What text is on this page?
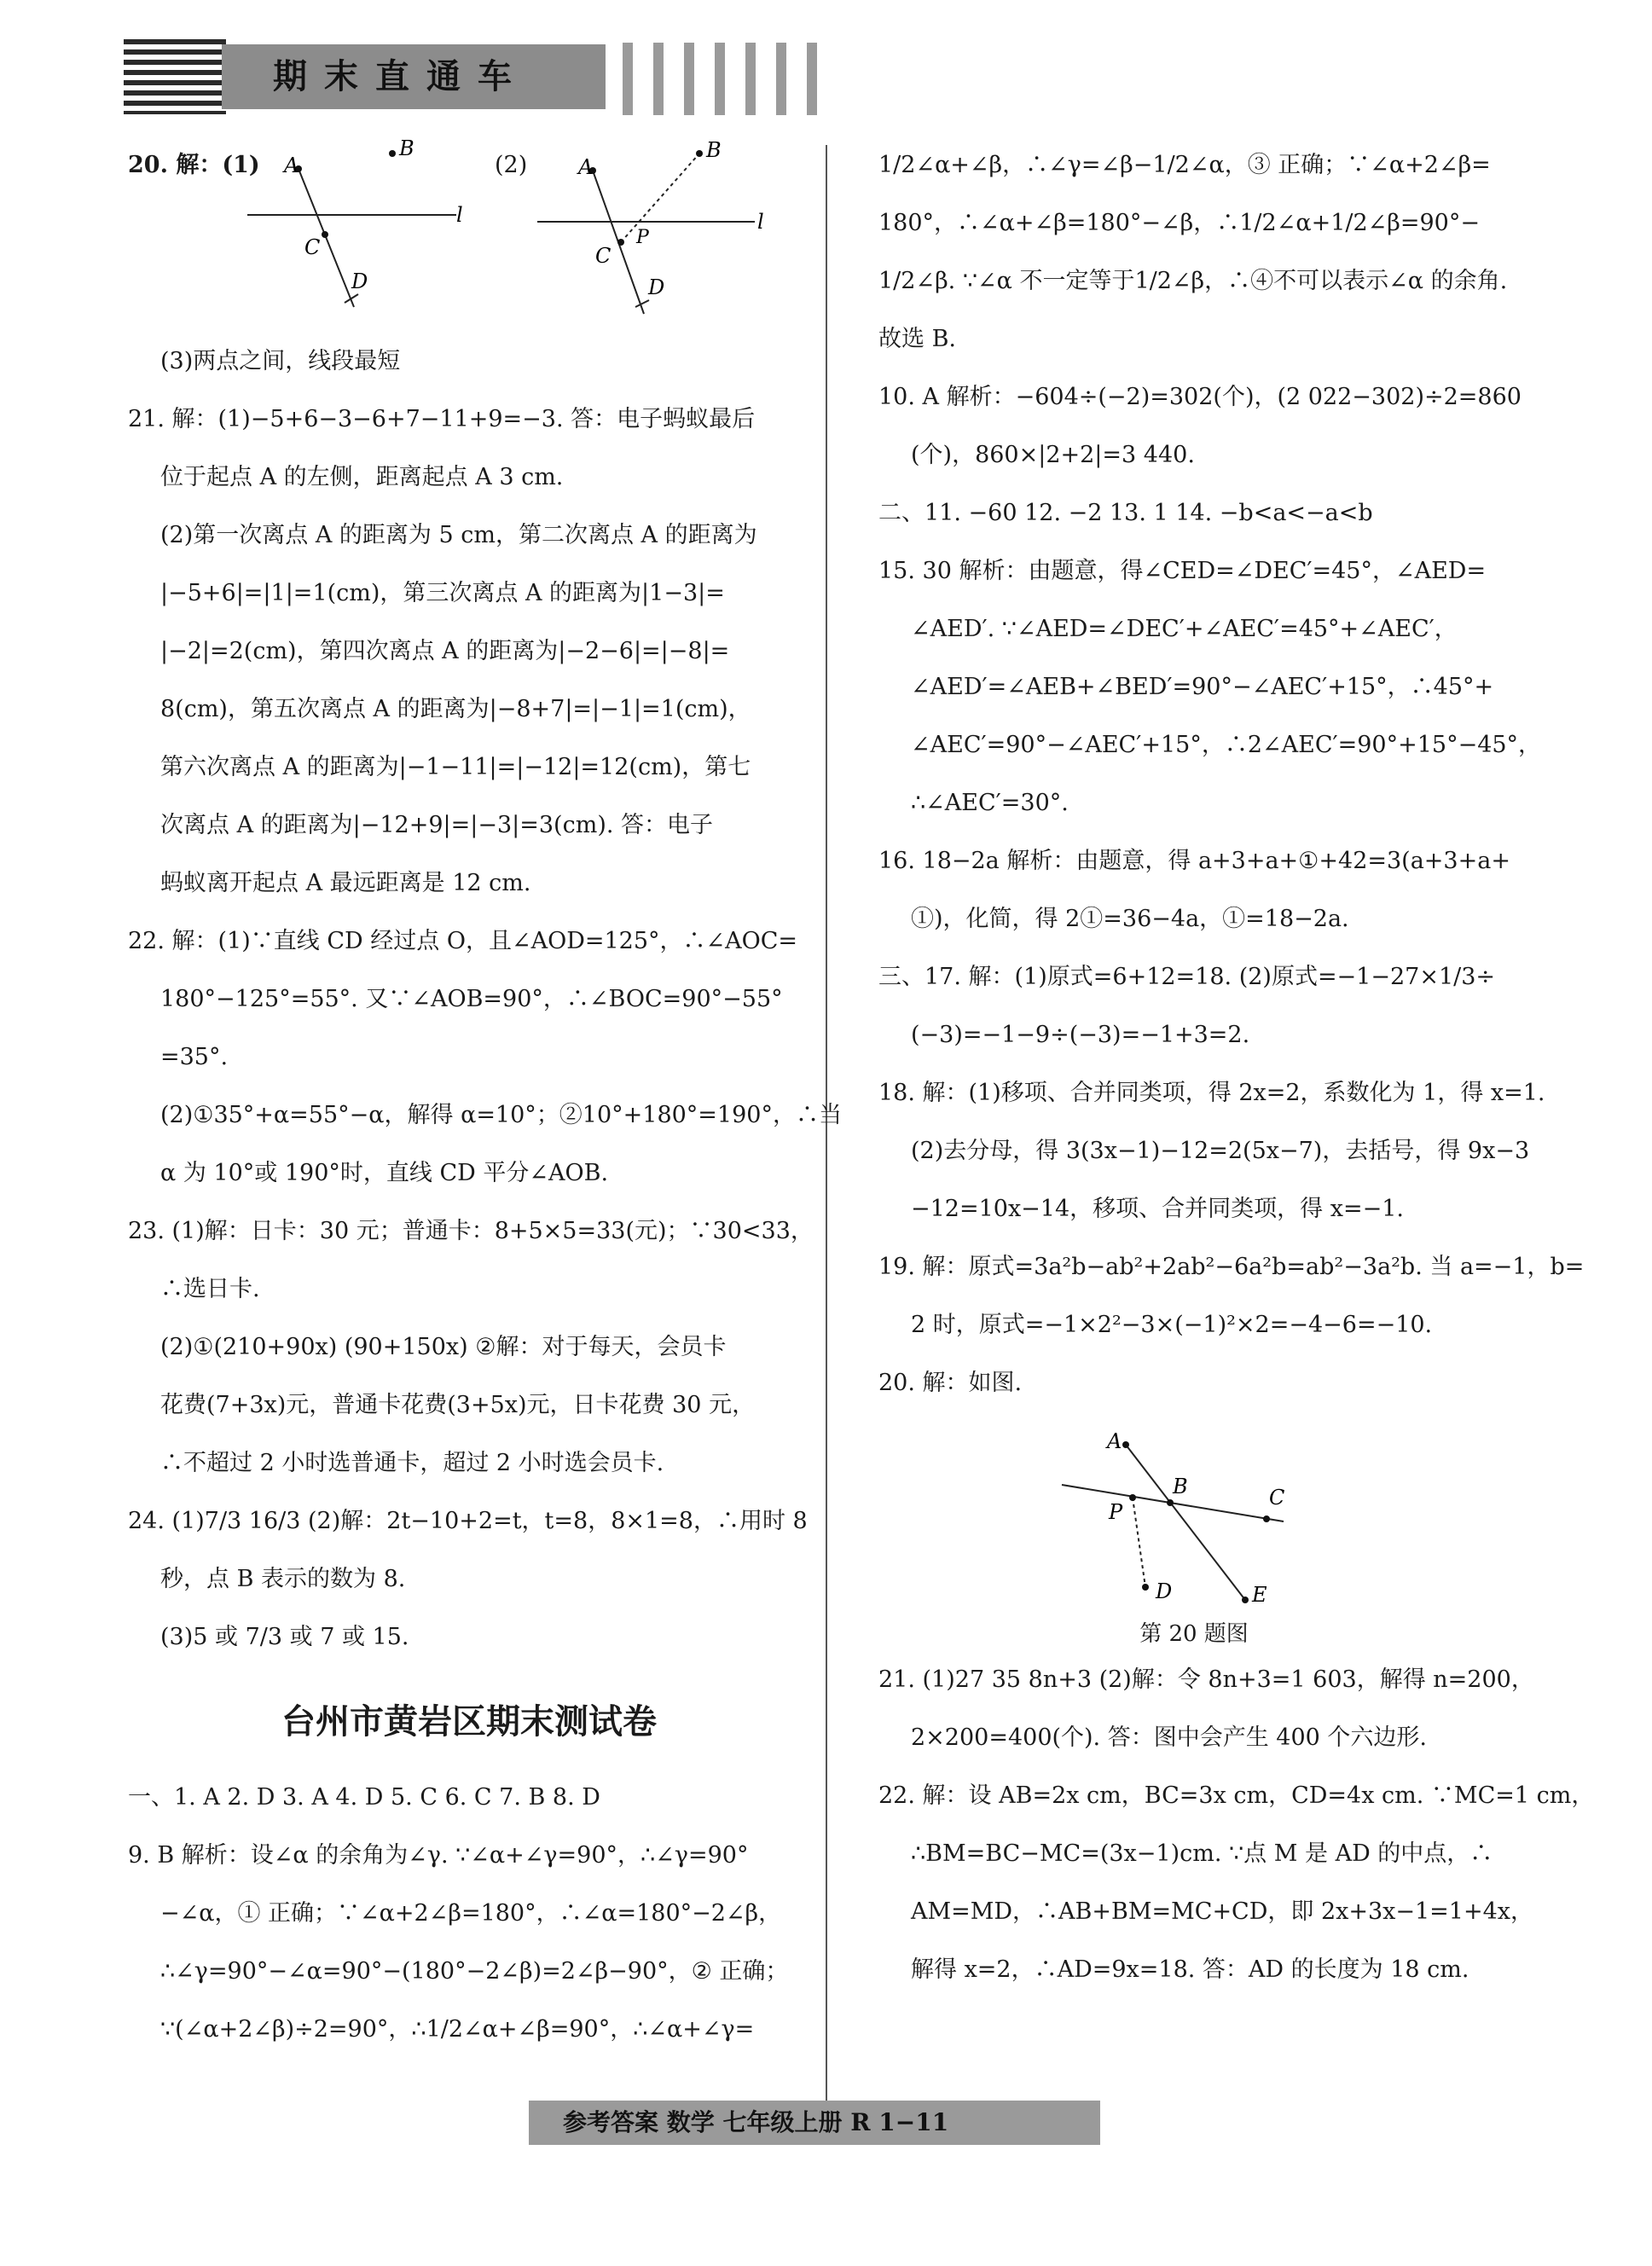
期末直通车
20. 解：(1)	(2)
A
B
C
D
l
A
B
C
P
D
l

(3)两点之间，线段最短

21. 解：(1)−5+6−3−6+7−11+9=−3. 答：电子蚂蚁最后

位于起点 A 的左侧，距离起点 A 3 cm.

(2)第一次离点 A 的距离为 5 cm，第二次离点 A 的距离为

|−5+6|=|1|=1(cm)，第三次离点 A 的距离为|1−3|=

|−2|=2(cm)，第四次离点 A 的距离为|−2−6|=|−8|=

8(cm)，第五次离点 A 的距离为|−8+7|=|−1|=1(cm)，

第六次离点 A 的距离为|−1−11|=|−12|=12(cm)，第七

次离点 A 的距离为|−12+9|=|−3|=3(cm). 答：电子

蚂蚁离开起点 A 最远距离是 12 cm.

22. 解：(1)∵直线 CD 经过点 O，且∠AOD=125°，∴∠AOC=

180°−125°=55°. 又∵∠AOB=90°，∴∠BOC=90°−55°

=35°.

(2)①35°+α=55°−α，解得 α=10°；②10°+180°=190°，∴当

α 为 10°或 190°时，直线 CD 平分∠AOB.

23. (1)解：日卡：30 元；普通卡：8+5×5=33(元)；∵30<33，

∴选日卡.

(2)①(210+90x) (90+150x) ②解：对于每天，会员卡

花费(7+3x)元，普通卡花费(3+5x)元，日卡花费 30 元，

∴不超过 2 小时选普通卡，超过 2 小时选会员卡.

24. (1)7/3 16/3 (2)解：2t−10+2=t，t=8，8×1=8，∴用时 8

秒，点 B 表示的数为 8.

(3)5 或 7/3 或 7 或 15.

台州市黄岩区期末测试卷

一、1. A 2. D 3. A 4. D 5. C 6. C 7. B 8. D

9. B 解析：设∠α 的余角为∠γ. ∵∠α+∠γ=90°，∴∠γ=90°

−∠α，① 正确；∵∠α+2∠β=180°，∴∠α=180°−2∠β，

∴∠γ=90°−∠α=90°−(180°−2∠β)=2∠β−90°，② 正确；

∵(∠α+2∠β)÷2=90°，∴1/2∠α+∠β=90°，∴∠α+∠γ=

1/2∠α+∠β，∴∠γ=∠β−1/2∠α，③ 正确；∵∠α+2∠β=

180°，∴∠α+∠β=180°−∠β，∴1/2∠α+1/2∠β=90°−

1/2∠β. ∵∠α 不一定等于1/2∠β，∴④不可以表示∠α 的余角.

故选 B.

10. A 解析：−604÷(−2)=302(个)，(2 022−302)÷2=860

(个)，860×|2+2|=3 440.

二、11. −60 12. −2 13. 1 14. −b<a<−a<b

15. 30 解析：由题意，得∠CED=∠DEC′=45°，∠AED=

∠AED′. ∵∠AED=∠DEC′+∠AEC′=45°+∠AEC′，

∠AED′=∠AEB+∠BED′=90°−∠AEC′+15°，∴45°+

∠AEC′=90°−∠AEC′+15°，∴2∠AEC′=90°+15°−45°，

∴∠AEC′=30°.

16. 18−2a 解析：由题意，得 a+3+a+①+42=3(a+3+a+

①)，化简，得 2①=36−4a，①=18−2a.

三、17. 解：(1)原式=6+12=18. (2)原式=−1−27×1/3÷

(−3)=−1−9÷(−3)=−1+3=2.

18. 解：(1)移项、合并同类项，得 2x=2，系数化为 1，得 x=1.

(2)去分母，得 3(3x−1)−12=2(5x−7)，去括号，得 9x−3

−12=10x−14，移项、合并同类项，得 x=−1.

19. 解：原式=3a²b−ab²+2ab²−6a²b=ab²−3a²b. 当 a=−1，b=

2 时，原式=−1×2²−3×(−1)²×2=−4−6=−10.

20. 解：如图.

A
B	C
D	E
P
第 20 题图

21. (1)27 35 8n+3 (2)解：令 8n+3=1 603，解得 n=200，

2×200=400(个). 答：图中会产生 400 个六边形.

22. 解：设 AB=2x cm，BC=3x cm，CD=4x cm. ∵MC=1 cm，

∴BM=BC−MC=(3x−1)cm. ∵点 M 是 AD 的中点，∴

AM=MD，∴AB+BM=MC+CD，即 2x+3x−1=1+4x，

解得 x=2，∴AD=9x=18. 答：AD 的长度为 18 cm.

参考答案 数学 七年级上册 R 1−11
